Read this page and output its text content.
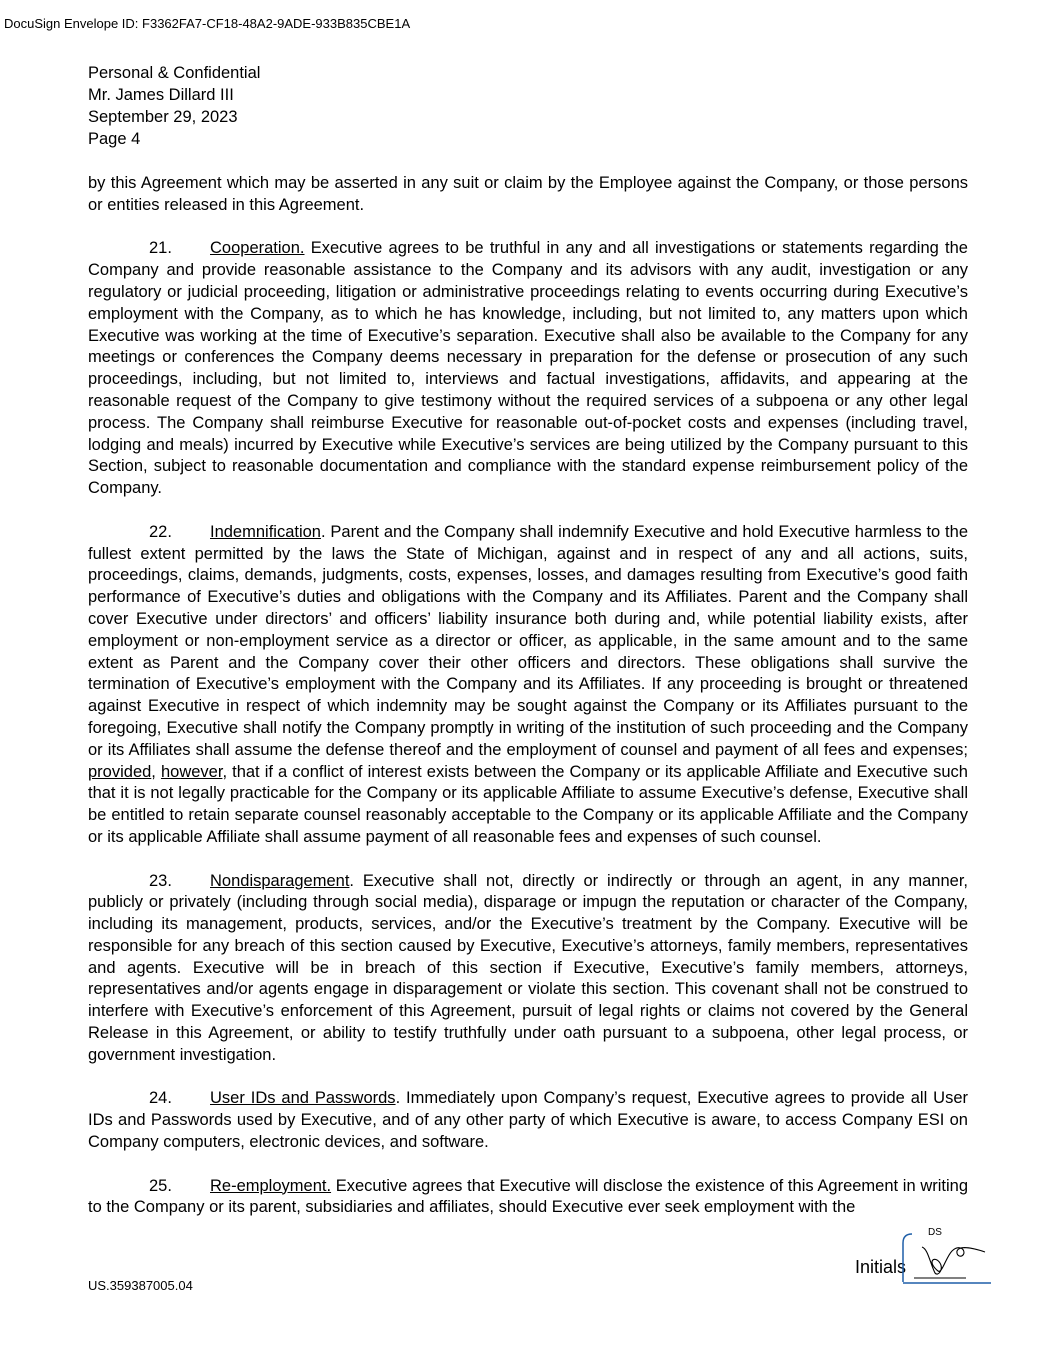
DocuSign Envelope ID: F3362FA7-CF18-48A2-9ADE-933B835CBE1A
Personal & Confidential
Mr. James Dillard III
September 29, 2023
Page 4

by this Agreement which may be asserted in any suit or claim by the Employee against the Company, or those persons or entities released in this Agreement.

21. Cooperation. Executive agrees to be truthful in any and all investigations or statements regarding the Company and provide reasonable assistance to the Company and its advisors with any audit, investigation or any regulatory or judicial proceeding, litigation or administrative proceedings relating to events occurring during Executive’s employment with the Company, as to which he has knowledge, including, but not limited to, any matters upon which Executive was working at the time of Executive’s separation. Executive shall also be available to the Company for any meetings or conferences the Company deems necessary in preparation for the defense or prosecution of any such proceedings, including, but not limited to, interviews and factual investigations, affidavits, and appearing at the reasonable request of the Company to give testimony without the required services of a subpoena or any other legal process. The Company shall reimburse Executive for reasonable out-of-pocket costs and expenses (including travel, lodging and meals) incurred by Executive while Executive’s services are being utilized by the Company pursuant to this Section, subject to reasonable documentation and compliance with the standard expense reimbursement policy of the Company.

22. Indemnification. Parent and the Company shall indemnify Executive and hold Executive harmless to the fullest extent permitted by the laws the State of Michigan, against and in respect of any and all actions, suits, proceedings, claims, demands, judgments, costs, expenses, losses, and damages resulting from Executive’s good faith performance of Executive’s duties and obligations with the Company and its Affiliates. Parent and the Company shall cover Executive under directors’ and officers’ liability insurance both during and, while potential liability exists, after employment or non-employment service as a director or officer, as applicable, in the same amount and to the same extent as Parent and the Company cover their other officers and directors. These obligations shall survive the termination of Executive’s employment with the Company and its Affiliates. If any proceeding is brought or threatened against Executive in respect of which indemnity may be sought against the Company or its Affiliates pursuant to the foregoing, Executive shall notify the Company promptly in writing of the institution of such proceeding and the Company or its Affiliates shall assume the defense thereof and the employment of counsel and payment of all fees and expenses; provided, however, that if a conflict of interest exists between the Company or its applicable Affiliate and Executive such that it is not legally practicable for the Company or its applicable Affiliate to assume Executive’s defense, Executive shall be entitled to retain separate counsel reasonably acceptable to the Company or its applicable Affiliate and the Company or its applicable Affiliate shall assume payment of all reasonable fees and expenses of such counsel.

23. Nondisparagement. Executive shall not, directly or indirectly or through an agent, in any manner, publicly or privately (including through social media), disparage or impugn the reputation or character of the Company, including its management, products, services, and/or the Executive’s treatment by the Company. Executive will be responsible for any breach of this section caused by Executive, Executive’s attorneys, family members, representatives and agents. Executive will be in breach of this section if Executive, Executive’s family members, attorneys, representatives and/or agents engage in disparagement or violate this section. This covenant shall not be construed to interfere with Executive’s enforcement of this Agreement, pursuit of legal rights or claims not covered by the General Release in this Agreement, or ability to testify truthfully under oath pursuant to a subpoena, other legal process, or government investigation.

24. User IDs and Passwords. Immediately upon Company’s request, Executive agrees to provide all User IDs and Passwords used by Executive, and of any other party of which Executive is aware, to access Company ESI on Company computers, electronic devices, and software.

25. Re-employment. Executive agrees that Executive will disclose the existence of this Agreement in writing to the Company or its parent, subsidiaries and affiliates, should Executive ever seek employment with the

US.359387005.04
Initials
DS
